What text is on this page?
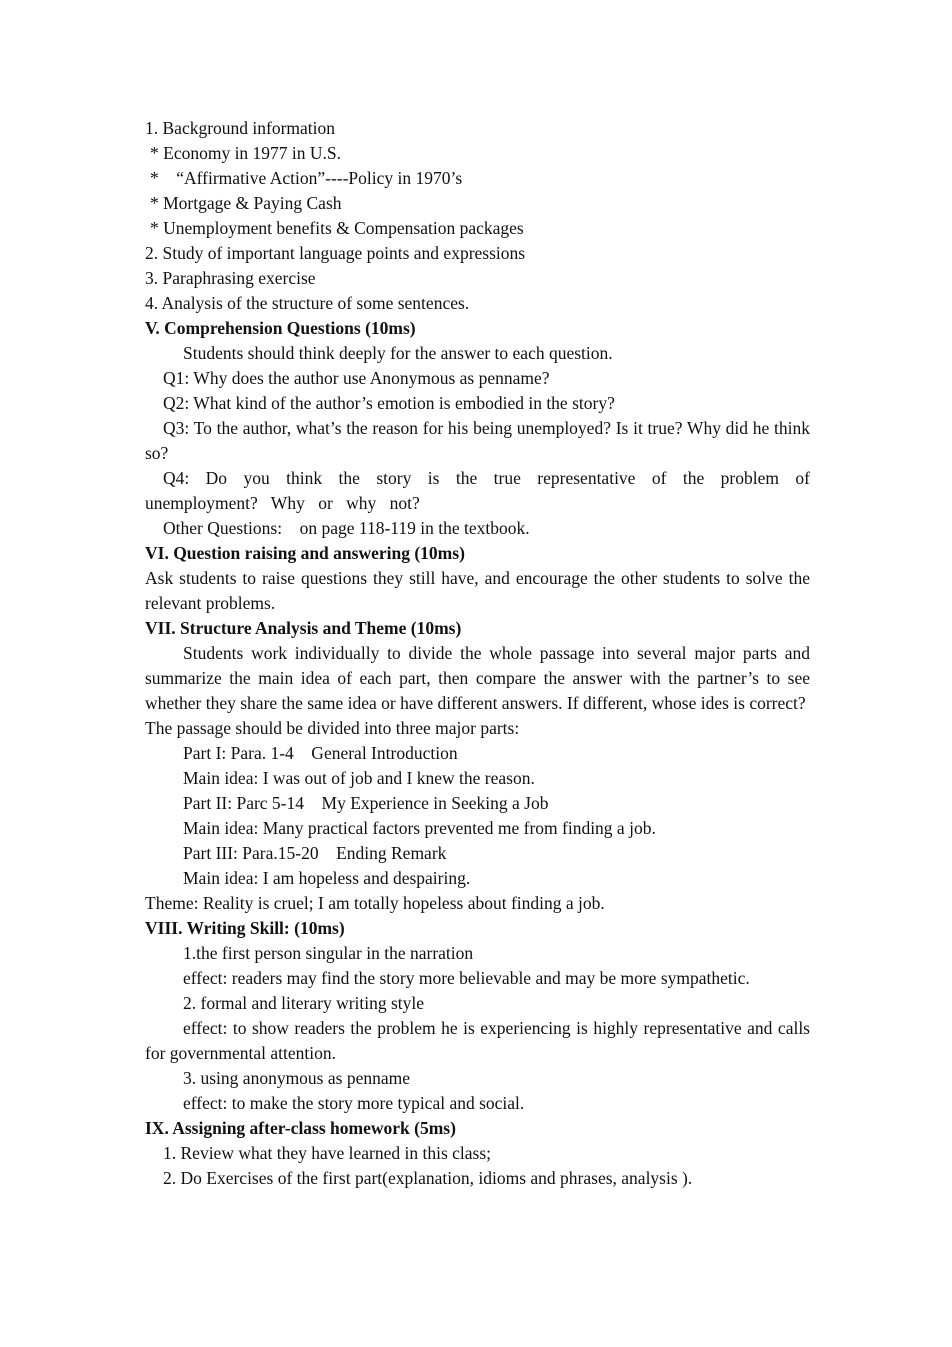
1. Background information
* Economy in 1977 in U.S.
*    “Affirmative Action”----Policy in 1970’s
* Mortgage & Paying Cash
* Unemployment benefits & Compensation packages
2. Study of important language points and expressions
3. Paraphrasing exercise
4. Analysis of the structure of some sentences.
V. Comprehension Questions (10ms)
Students should think deeply for the answer to each question.
Q1: Why does the author use Anonymous as penname?
Q2: What kind of the author’s emotion is embodied in the story?
Q3: To the author, what’s the reason for his being unemployed? Is it true? Why did he think so?
Q4: Do you think the story is the true representative of the problem of unemployment? Why or why not?
Other Questions:    on page 118-119 in the textbook.
VI. Question raising and answering (10ms)
Ask students to raise questions they still have, and encourage the other students to solve the relevant problems.
VII. Structure Analysis and Theme (10ms)
Students work individually to divide the whole passage into several major parts and summarize the main idea of each part, then compare the answer with the partner’s to see whether they share the same idea or have different answers. If different, whose ides is correct?
The passage should be divided into three major parts:
Part I: Para. 1-4    General Introduction
Main idea: I was out of job and I knew the reason.
Part II: Parc 5-14    My Experience in Seeking a Job
Main idea: Many practical factors prevented me from finding a job.
Part III: Para.15-20    Ending Remark
Main idea: I am hopeless and despairing.
Theme: Reality is cruel; I am totally hopeless about finding a job.
VIII. Writing Skill: (10ms)
1.the first person singular in the narration
effect: readers may find the story more believable and may be more sympathetic.
2. formal and literary writing style
effect: to show readers the problem he is experiencing is highly representative and calls for governmental attention.
3. using anonymous as penname
effect: to make the story more typical and social.
IX. Assigning after-class homework (5ms)
1. Review what they have learned in this class;
2. Do Exercises of the first part(explanation, idioms and phrases, analysis ).
